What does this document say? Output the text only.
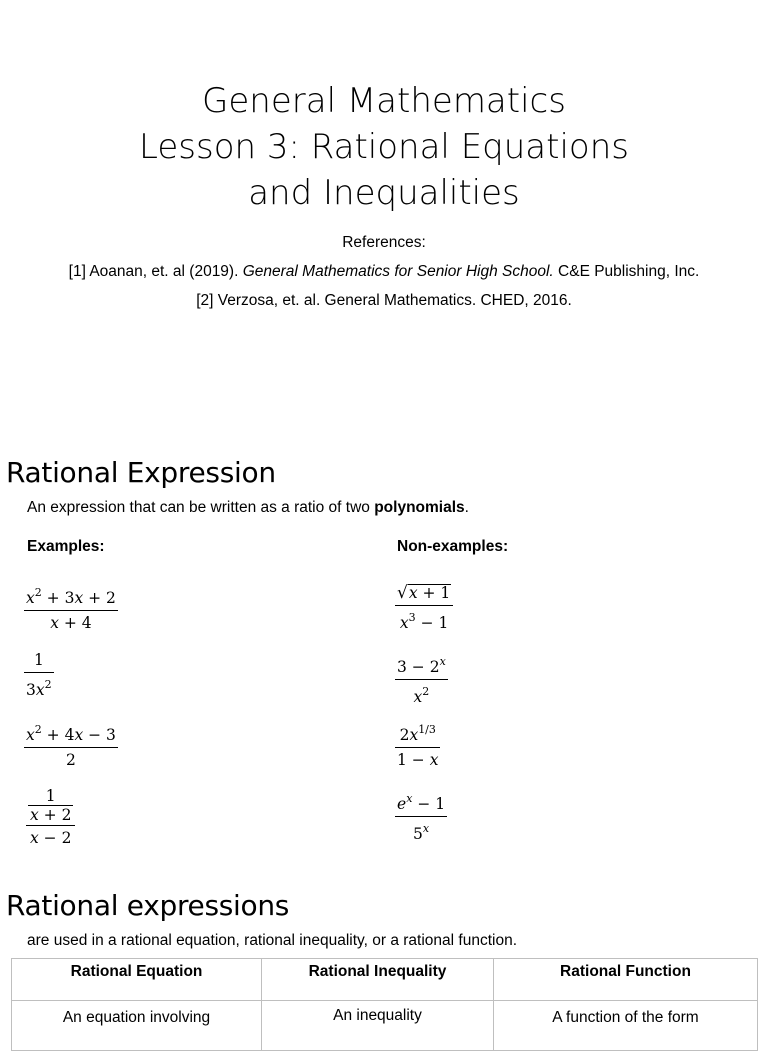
General Mathematics
Lesson 3: Rational Equations
and Inequalities
References:
[1] Aoanan, et. al (2019). General Mathematics for Senior High School. C&E Publishing, Inc.
[2] Verzosa, et. al. General Mathematics. CHED, 2016.
Rational Expression
An expression that can be written as a ratio of two polynomials.
Examples:	Non-examples:
$x^2 + 3x + 2$
x + 4
1
$3x^2$
$x^2 + 4x - 3$
2
$\frac{1}{x + 2}$
x − 2
√ x + 1
$x^3 - 1$
$3 - 2^x$
$x^2$
$2x^{1/3}$
1 − x
$e^x - 1$
5$^x$
Rational expressions
are used in a rational equation, rational inequality, or a rational function.
Rational Equation	Rational Inequality	Rational Function
An equation involving	An inequality	A function of the form
